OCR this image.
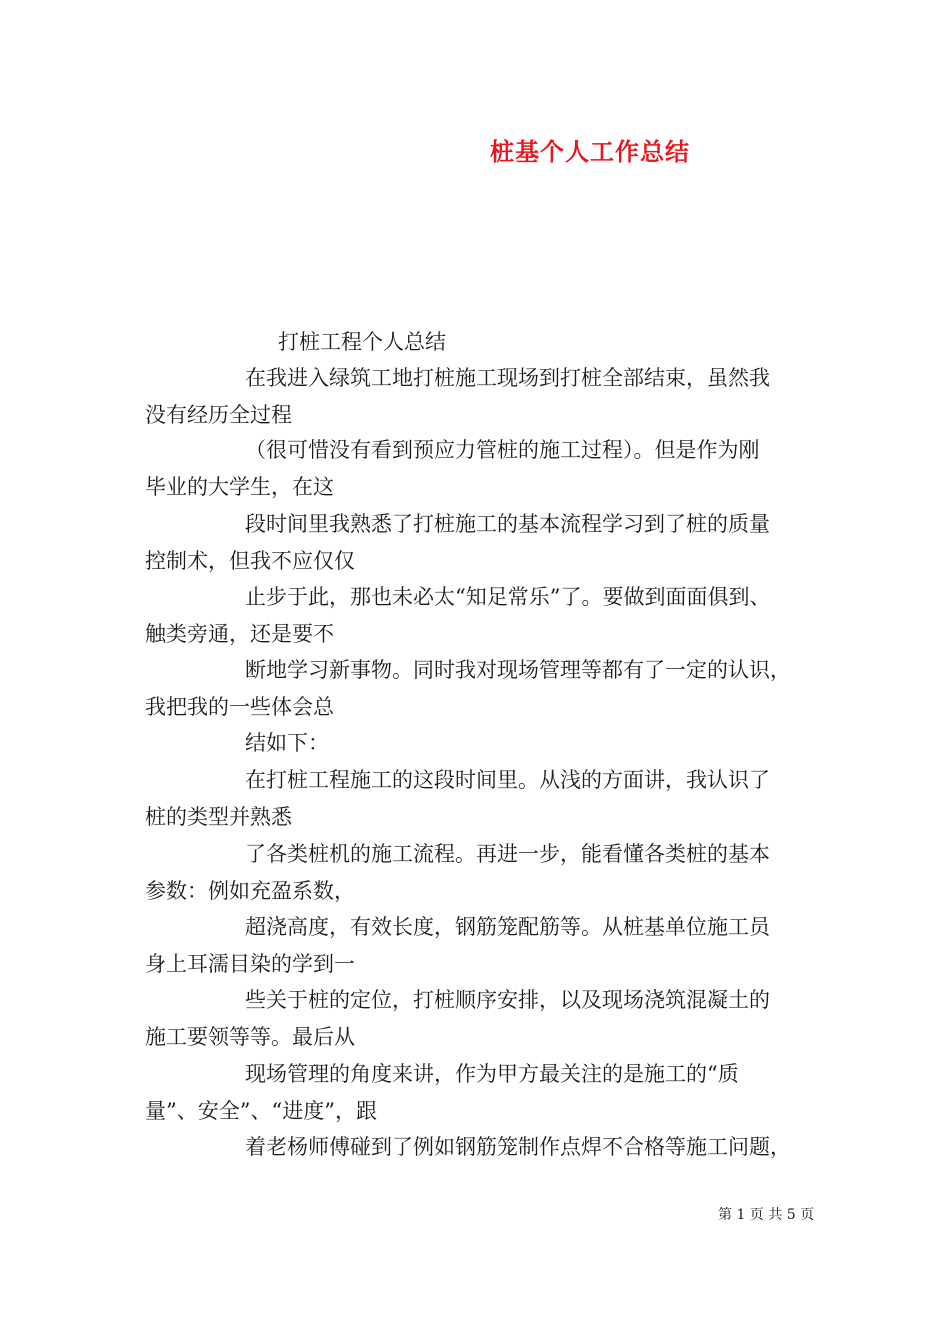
桩基个人工作总结
打桩工程个人总结
在我进入绿筑工地打桩施工现场到打桩全部结束，虽然我
没有经历全过程
（很可惜没有看到预应力管桩的施工过程）。但是作为刚
毕业的大学生，在这
段时间里我熟悉了打桩施工的基本流程学习到了桩的质量
控制术，但我不应仅仅
止步于此，那也未必太“知足常乐”了。要做到面面俱到、
触类旁通，还是要不
断地学习新事物。同时我对现场管理等都有了一定的认识，
我把我的一些体会总
结如下：
在打桩工程施工的这段时间里。从浅的方面讲，我认识了
桩的类型并熟悉
了各类桩机的施工流程。再进一步，能看懂各类桩的基本
参数：例如充盈系数，
超浇高度，有效长度，钢筋笼配筋等。从桩基单位施工员
身上耳濡目染的学到一
些关于桩的定位，打桩顺序安排，以及现场浇筑混凝土的
施工要领等等。最后从
现场管理的角度来讲，作为甲方最关注的是施工的“质
量”、安全”、“进度”，跟
着老杨师傅碰到了例如钢筋笼制作点焊不合格等施工问题，
第 1 页 共 5 页
